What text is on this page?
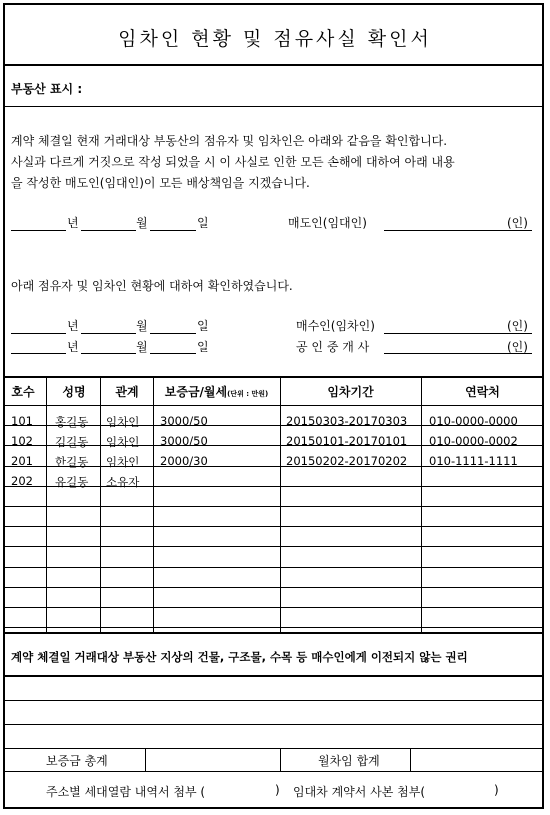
임차인 현황 및 점유사실 확인서
부동산 표시 :
계약 체결일 현재 거래대상 부동산의 점유자 및 임차인은 아래와 같음을 확인합니다.
사실과 다르게 거짓으로 작성 되었을 시 이 사실로 인한 모든 손해에 대하여 아래 내용
을 작성한 매도인(임대인)이 모든 배상책임을 지겠습니다.
년	월	일	매도인(임대인)	(인)
아래 점유자 및 임차인 현황에 대하여 확인하였습니다.
년	월	일	매수인(임차인)	(인)
년	월	일	공 인 중 개 사	(인)
호수	성명	관계	보증금/월세(단위 : 만원)	임차기간	연락처
101 홍길동 임차인 3000/50	20150303-20170303 010-0000-0000
102 김길동 임차인 3000/50	20150101-20170101 010-0000-0002
201 한길동 임차인 2000/30	20150202-20170202 010-1111-1111
202 유길동 소유자
계약 체결일 거래대상 부동산 지상의 건물, 구조물, 수목 등 매수인에게 이전되지 않는 권리
보증금 총계	월차임 합계
주소별 세대열람 내역서 첨부 (	) 임대차 계약서 사본 첨부(	)
